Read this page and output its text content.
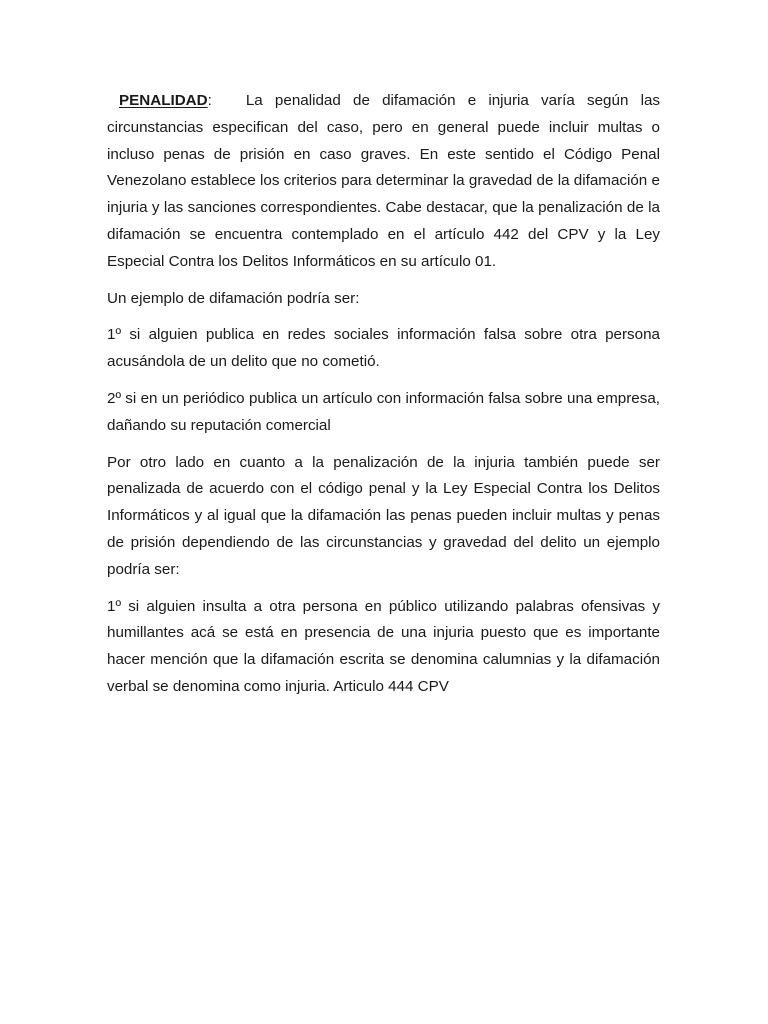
PENALIDAD: La penalidad de difamación e injuria varía según las circunstancias especifican del caso, pero en general puede incluir multas o incluso penas de prisión en caso graves. En este sentido el Código Penal Venezolano establece los criterios para determinar la gravedad de la difamación e injuria y las sanciones correspondientes. Cabe destacar, que la penalización de la difamación se encuentra contemplado en el artículo 442 del CPV y la Ley Especial Contra los Delitos Informáticos en su artículo 01.

Un ejemplo de difamación podría ser:

1º si alguien publica en redes sociales información falsa sobre otra persona acusándola de un delito que no cometió.

2º si en un periódico publica un artículo con información falsa sobre una empresa, dañando su reputación comercial

Por otro lado en cuanto a la penalización de la injuria también puede ser penalizada de acuerdo con el código penal y la Ley Especial Contra los Delitos Informáticos y al igual que la difamación las penas pueden incluir multas y penas de prisión dependiendo de las circunstancias y gravedad del delito un ejemplo podría ser:

1º si alguien insulta a otra persona en público utilizando palabras ofensivas y humillantes acá se está en presencia de una injuria puesto que es importante hacer mención que la difamación escrita se denomina calumnias y la difamación verbal se denomina como injuria. Articulo 444 CPV
